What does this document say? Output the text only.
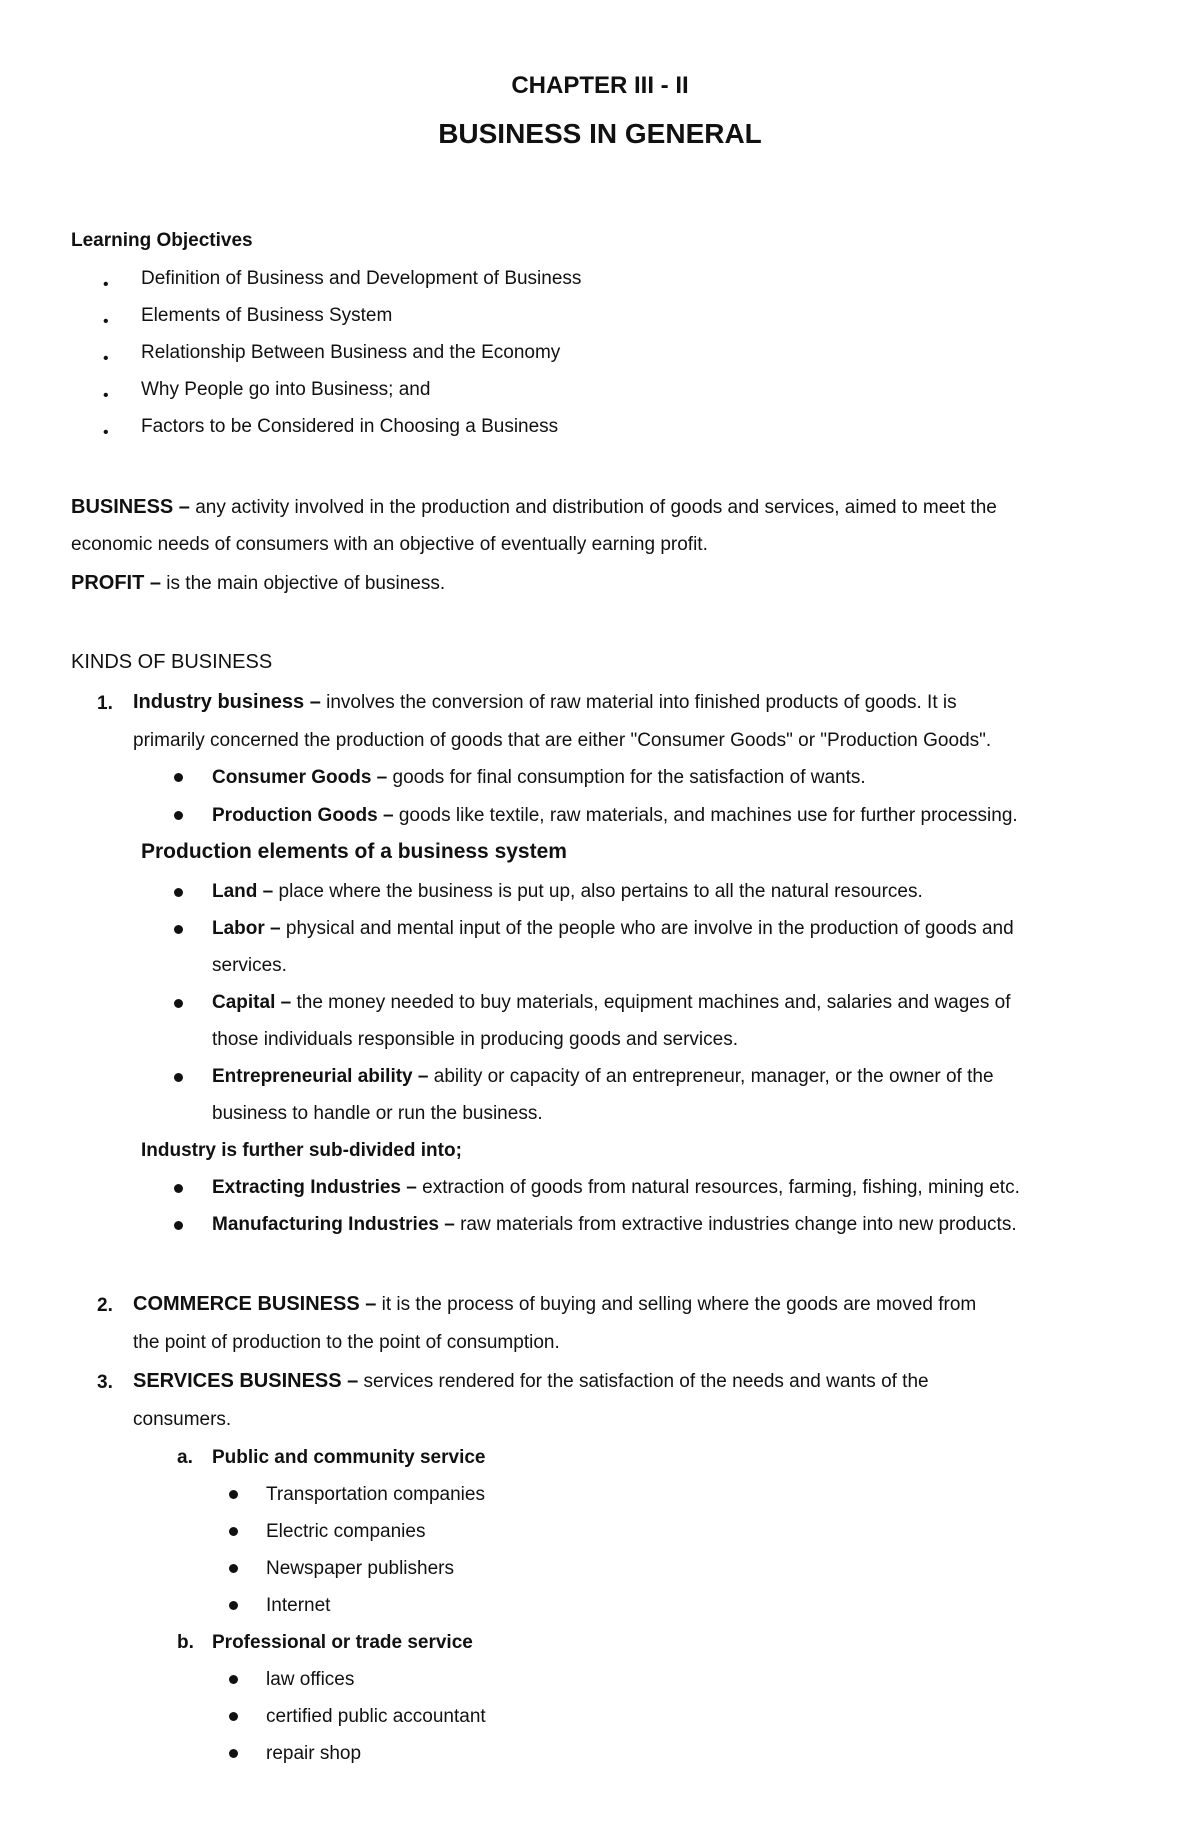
CHAPTER III - II
BUSINESS IN GENERAL
Learning Objectives
• Definition of Business and Development of Business
• Elements of Business System
• Relationship Between Business and the Economy
• Why People go into Business; and
• Factors to be Considered in Choosing a Business
BUSINESS – any activity involved in the production and distribution of goods and services, aimed to meet the
economic needs of consumers with an objective of eventually earning profit.
PROFIT – is the main objective of business.
KINDS OF BUSINESS
1. Industry business – involves the conversion of raw material into finished products of goods. It is
primarily concerned the production of goods that are either "Consumer Goods" or "Production Goods".
Consumer Goods – goods for final consumption for the satisfaction of wants.
Production Goods – goods like textile, raw materials, and machines use for further processing.
Production elements of a business system
Land – place where the business is put up, also pertains to all the natural resources.
Labor – physical and mental input of the people who are involve in the production of goods and
services.
Capital – the money needed to buy materials, equipment machines and, salaries and wages of
those individuals responsible in producing goods and services.
Entrepreneurial ability – ability or capacity of an entrepreneur, manager, or the owner of the
business to handle or run the business.
Industry is further sub-divided into;
Extracting Industries – extraction of goods from natural resources, farming, fishing, mining etc.
Manufacturing Industries – raw materials from extractive industries change into new products.
2. COMMERCE BUSINESS – it is the process of buying and selling where the goods are moved from
the point of production to the point of consumption.
3. SERVICES BUSINESS – services rendered for the satisfaction of the needs and wants of the
consumers.
a. Public and community service
Transportation companies
Electric companies
Newspaper publishers
Internet
b. Professional or trade service
law offices
certified public accountant
repair shop
